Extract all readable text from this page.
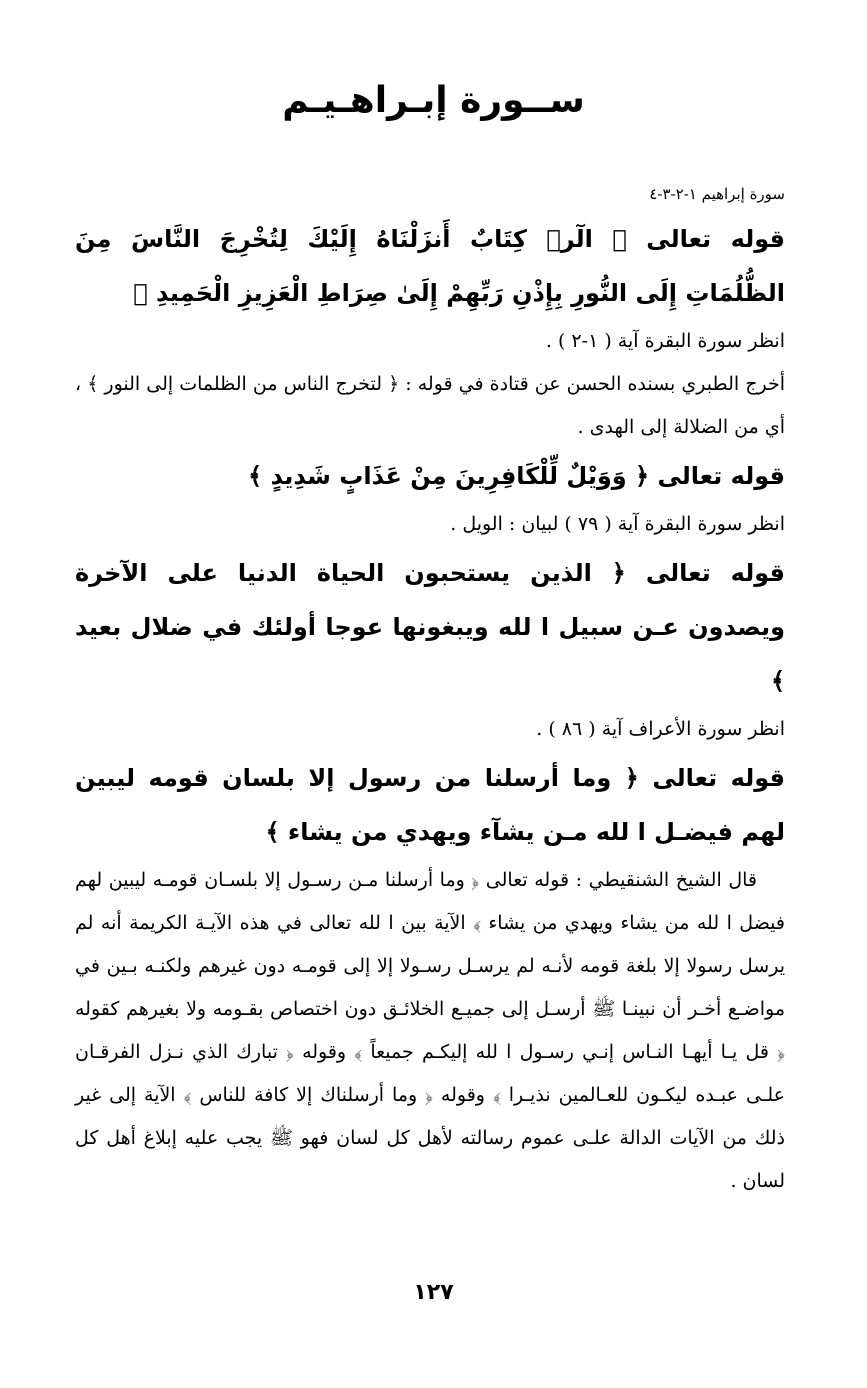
ســورة إبـراهـيـم
سورة إبراهيم ١-٢-٣-٤

قوله تعالى ﴿ الٓرۚ كِتَابٌ أَنزَلْنَاهُ إِلَيْكَ لِتُخْرِجَ النَّاسَ مِنَ الظُّلُمَاتِ إِلَى النُّورِ بِإِذْنِ رَبِّهِمْ إِلَىٰ صِرَاطِ الْعَزِيزِ الْحَمِيدِ ﴾

انظر سورة البقرة آية ( ١-٢ ) .

أخرج الطبري بسنده الحسن عن قتادة في قوله : ﴿ لتخرج الناس من الظلمات إلى النور ﴾ ، أي من الضلالة إلى الهدى .

قوله تعالى ﴿ وَوَيْلٌ لِّلْكَافِرِينَ مِنْ عَذَابٍ شَدِيدٍ ﴾

انظر سورة البقرة آية ( ٧٩ ) لبيان : الويل .

قوله تعالى ﴿ الذين يستحبون الحياة الدنيا على الآخرة ويصدون عـن سبيل ا لله ويبغونها عوجا أولئك في ضلال بعيد ﴾

انظر سورة الأعراف آية ( ٨٦ ) .

قوله تعالى ﴿ وما أرسلنا من رسول إلا بلسان قومه ليبين لهم فيضـل ا لله مـن يشآء ويهدي من يشاء ﴾

قال الشيخ الشنقيطي : قوله تعالى ﴿ وما أرسلنا مـن رسـول إلا بلسـان قومـه ليبين لهم فيضل ا لله من يشاء ويهدي من يشاء ﴾ الآية بين ا لله تعالى في هذه الآيـة الكريمة أنه لم يرسل رسولا إلا بلغة قومه لأنـه لم يرسـل رسـولا إلا إلى قومـه دون غيرهم ولكنـه بـين في مواضـع أخـر أن نبينـا ﷺ أرسـل إلى جميـع الخلائـق دون اختصاص بقـومه ولا بغيرهم كقوله ﴿ قل يـا أيهـا النـاس إنـي رسـول ا لله إليكـم جميعاً ﴾ وقوله ﴿ تبارك الذي نـزل الفرقـان علـى عبـده ليكـون للعـالمين نذيـرا ﴾ وقوله ﴿ وما أرسلناك إلا كافة للناس ﴾ الآية إلى غير ذلك من الآيات الدالة علـى عموم رسالته لأهل كل لسان فهو ﷺ يجب عليه إبلاغ أهل كل لسان .

١٢٧
